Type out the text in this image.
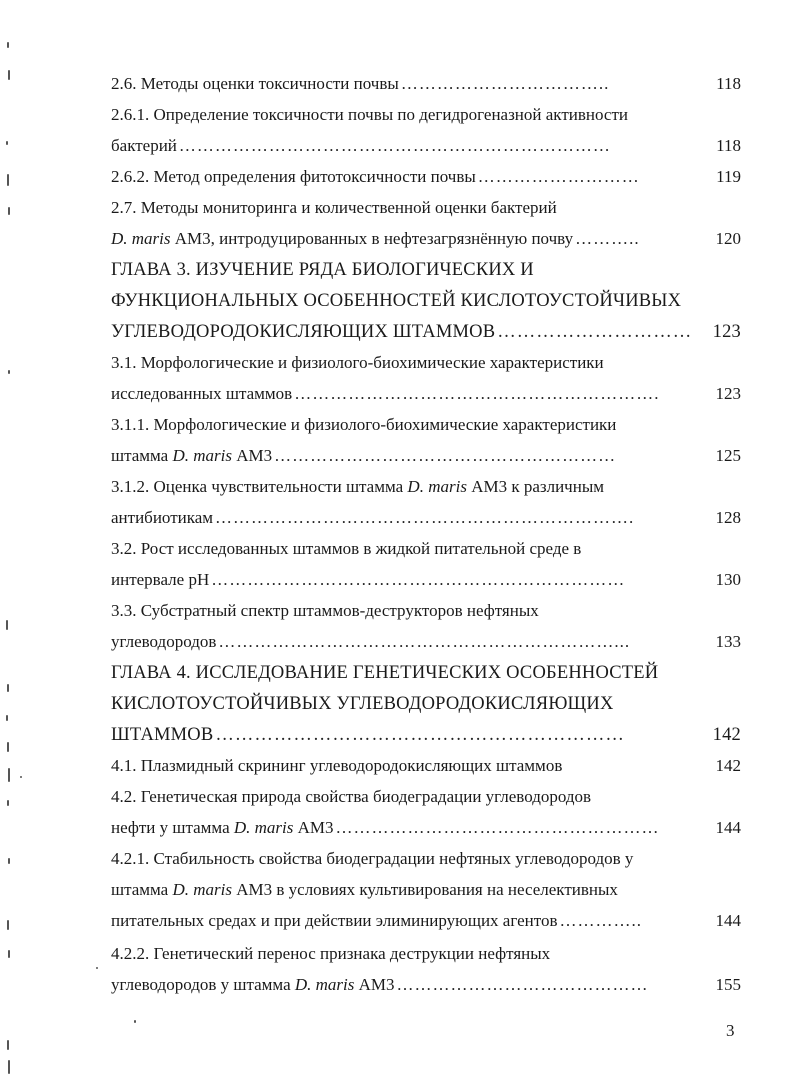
2.6. Методы оценки токсичности почвы ……………………………..	118
2.6.1. Определение токсичности почвы по дегидрогеназной активности
бактерий ………………………………………………………………	118
2.6.2. Метод определения фитотоксичности почвы ………………………	119
2.7. Методы мониторинга и количественной оценки бактерий
D. maris АМ3, интродуцированных в нефтезагрязнённую почву ………..	120
ГЛАВА 3. ИЗУЧЕНИЕ РЯДА БИОЛОГИЧЕСКИХ И
ФУНКЦИОНАЛЬНЫХ ОСОБЕННОСТЕЙ КИСЛОТОУСТОЙЧИВЫХ
УГЛЕВОДОРОДОКИСЛЯЮЩИХ ШТАММОВ …………………………	123
3.1. Морфологические и физиолого-биохимические характеристики
исследованных штаммов …………………………………………………….	123
3.1.1. Морфологические и физиолого-биохимические характеристики
штамма D. maris АМ3 …………………………………………………	125
3.1.2. Оценка чувствительности штамма D. maris АМ3 к различным
антибиотикам …………………………………………………………….	128
3.2. Рост исследованных штаммов в жидкой питательной среде в
интервале рН ……………………………………………………………	130
3.3. Субстратный спектр штаммов-деструкторов нефтяных
углеводородов …………………………………………………………...	133
ГЛАВА 4. ИССЛЕДОВАНИЕ ГЕНЕТИЧЕСКИХ ОСОБЕННОСТЕЙ
КИСЛОТОУСТОЙЧИВЫХ УГЛЕВОДОРОДОКИСЛЯЮЩИХ
ШТАММОВ ………………………………………………………	142
4.1. Плазмидный скрининг углеводородокисляющих штаммов	142
4.2. Генетическая природа свойства биодеградации углеводородов
нефти у штамма D. maris АМ3 ………………………………………………	144
4.2.1. Стабильность свойства биодеградации нефтяных углеводородов у
штамма D. maris АМ3 в условиях культивирования на неселективных
питательных средах и при действии элиминирующих агентов …………..	144
4.2.2. Генетический перенос признака деструкции нефтяных
углеводородов у штамма D. maris АМ3 ……………………………………	155
3
